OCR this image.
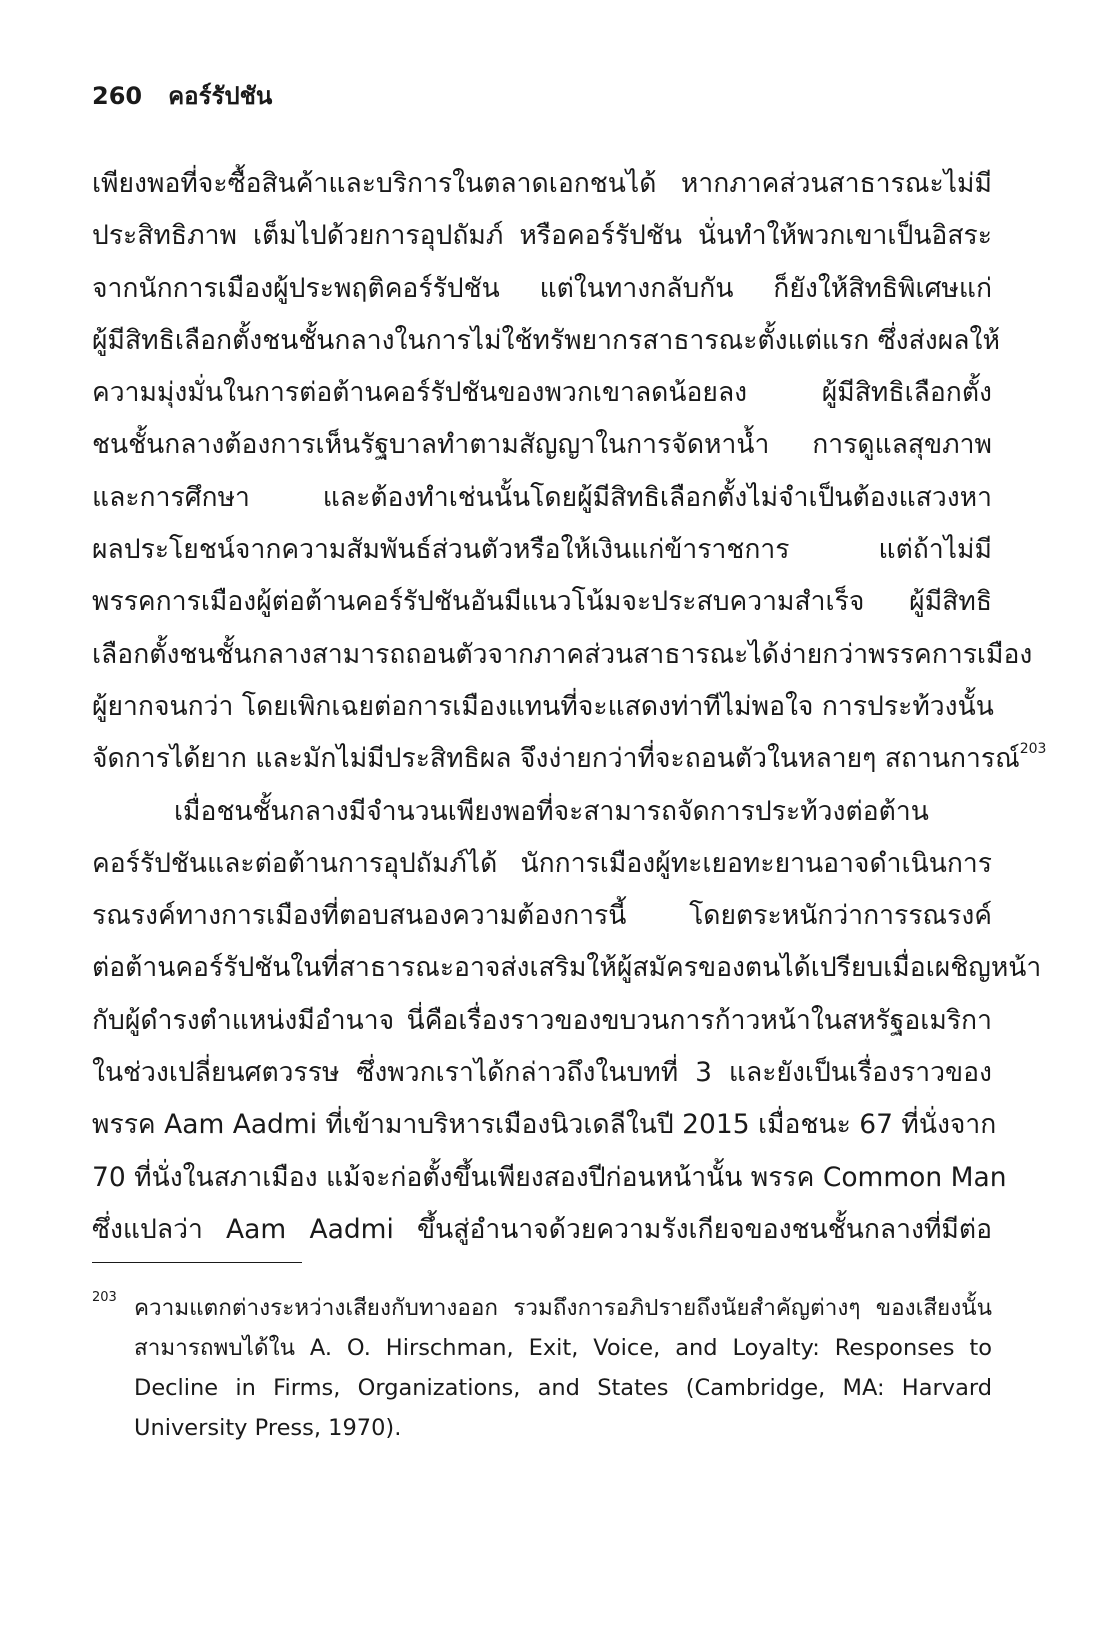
260 คอร์รัปชัน
เพียงพอที่จะซื้อสินค้าและบริการในตลาดเอกชนได้ หากภาคส่วนสาธารณะไม่มี
ประสิทธิภาพ เต็มไปด้วยการอุปถัมภ์ หรือคอร์รัปชัน นั่นทำให้พวกเขาเป็นอิสระ
จากนักการเมืองผู้ประพฤติคอร์รัปชัน แต่ในทางกลับกัน ก็ยังให้สิทธิพิเศษแก่
ผู้มีสิทธิเลือกตั้งชนชั้นกลางในการไม่ใช้ทรัพยากรสาธารณะตั้งแต่แรก ซึ่งส่งผลให้
ความมุ่งมั่นในการต่อต้านคอร์รัปชันของพวกเขาลดน้อยลง ผู้มีสิทธิเลือกตั้ง
ชนชั้นกลางต้องการเห็นรัฐบาลทำตามสัญญาในการจัดหาน้ำ การดูแลสุขภาพ
และการศึกษา และต้องทำเช่นนั้นโดยผู้มีสิทธิเลือกตั้งไม่จำเป็นต้องแสวงหา
ผลประโยชน์จากความสัมพันธ์ส่วนตัวหรือให้เงินแก่ข้าราชการ แต่ถ้าไม่มี
พรรคการเมืองผู้ต่อต้านคอร์รัปชันอันมีแนวโน้มจะประสบความสำเร็จ ผู้มีสิทธิ
เลือกตั้งชนชั้นกลางสามารถถอนตัวจากภาคส่วนสาธารณะได้ง่ายกว่าพรรคการเมือง
ผู้ยากจนกว่า โดยเพิกเฉยต่อการเมืองแทนที่จะแสดงท่าทีไม่พอใจ การประท้วงนั้น
จัดการได้ยาก และมักไม่มีประสิทธิผล จึงง่ายกว่าที่จะถอนตัวในหลายๆ สถานการณ์$^{203}$
เมื่อชนชั้นกลางมีจำนวนเพียงพอที่จะสามารถจัดการประท้วงต่อต้าน
คอร์รัปชันและต่อต้านการอุปถัมภ์ได้ นักการเมืองผู้ทะเยอทะยานอาจดำเนินการ
รณรงค์ทางการเมืองที่ตอบสนองความต้องการนี้ โดยตระหนักว่าการรณรงค์
ต่อต้านคอร์รัปชันในที่สาธารณะอาจส่งเสริมให้ผู้สมัครของตนได้เปรียบเมื่อเผชิญหน้า
กับผู้ดำรงตำแหน่งมีอำนาจ นี่คือเรื่องราวของขบวนการก้าวหน้าในสหรัฐอเมริกา
ในช่วงเปลี่ยนศตวรรษ ซึ่งพวกเราได้กล่าวถึงในบทที่ 3 และยังเป็นเรื่องราวของ
พรรค Aam Aadmi ที่เข้ามาบริหารเมืองนิวเดลีในปี 2015 เมื่อชนะ 67 ที่นั่งจาก
70 ที่นั่งในสภาเมือง แม้จะก่อตั้งขึ้นเพียงสองปีก่อนหน้านั้น พรรค Common Man
ซึ่งแปลว่า Aam Aadmi ขึ้นสู่อำนาจด้วยความรังเกียจของชนชั้นกลางที่มีต่อ
203 ความแตกต่างระหว่างเสียงกับทางออก รวมถึงการอภิปรายถึงนัยสำคัญต่างๆ ของเสียงนั้น
สามารถพบได้ใน A. O. Hirschman, Exit, Voice, and Loyalty: Responses to
Decline in Firms, Organizations, and States (Cambridge, MA: Harvard
University Press, 1970).
